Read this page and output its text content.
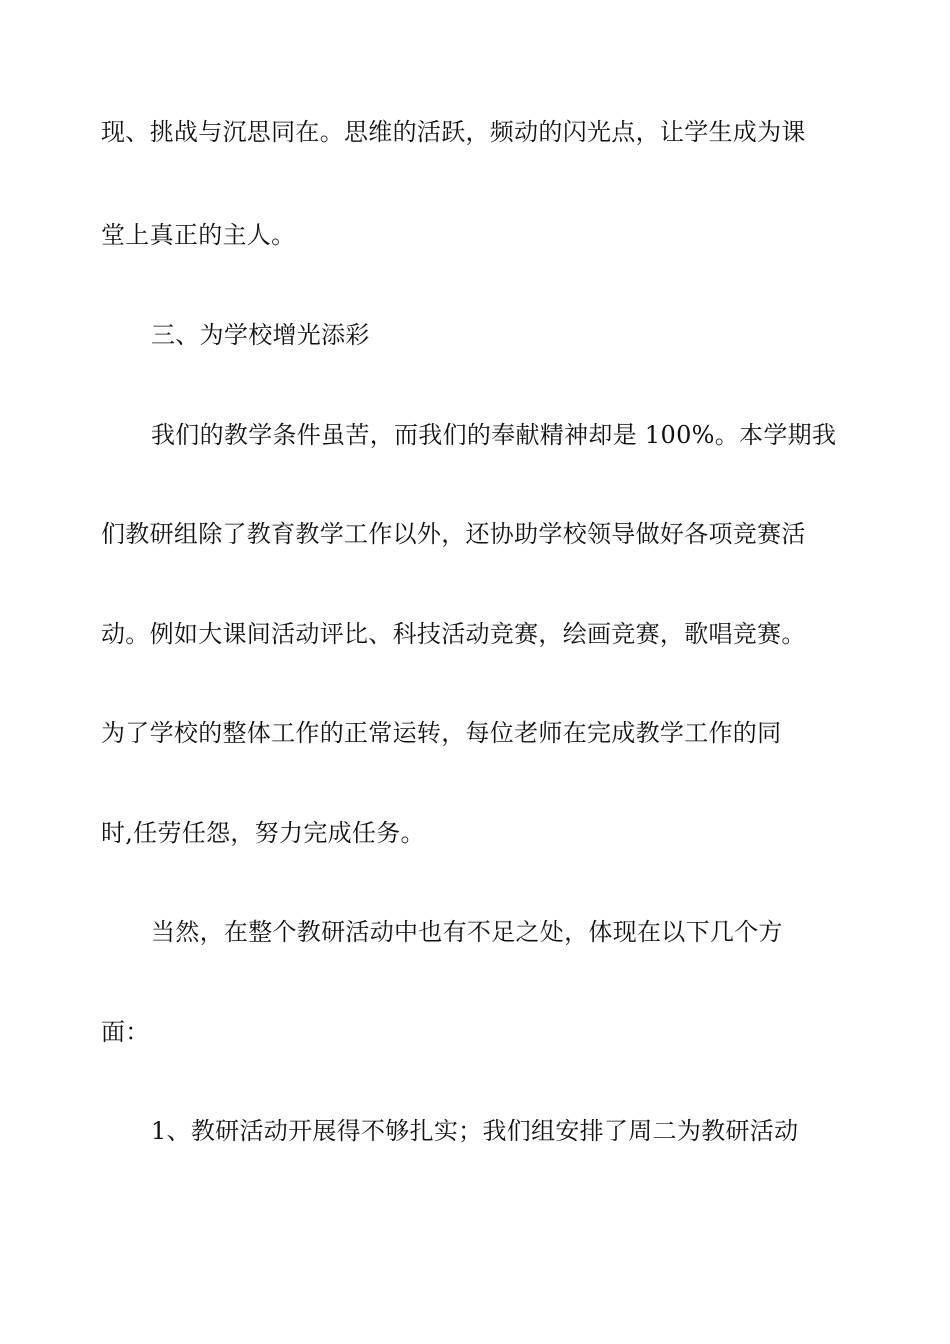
现、挑战与沉思同在。思维的活跃，频动的闪光点，让学生成为课
堂上真正的主人。
三、为学校增光添彩
我们的教学条件虽苦，而我们的奉献精神却是 100%。本学期我
们教研组除了教育教学工作以外，还协助学校领导做好各项竞赛活
动。例如大课间活动评比、科技活动竞赛，绘画竞赛，歌唱竞赛。
为了学校的整体工作的正常运转，每位老师在完成教学工作的同
时,任劳任怨，努力完成任务。
当然，在整个教研活动中也有不足之处，体现在以下几个方
面：
1、教研活动开展得不够扎实；我们组安排了周二为教研活动
